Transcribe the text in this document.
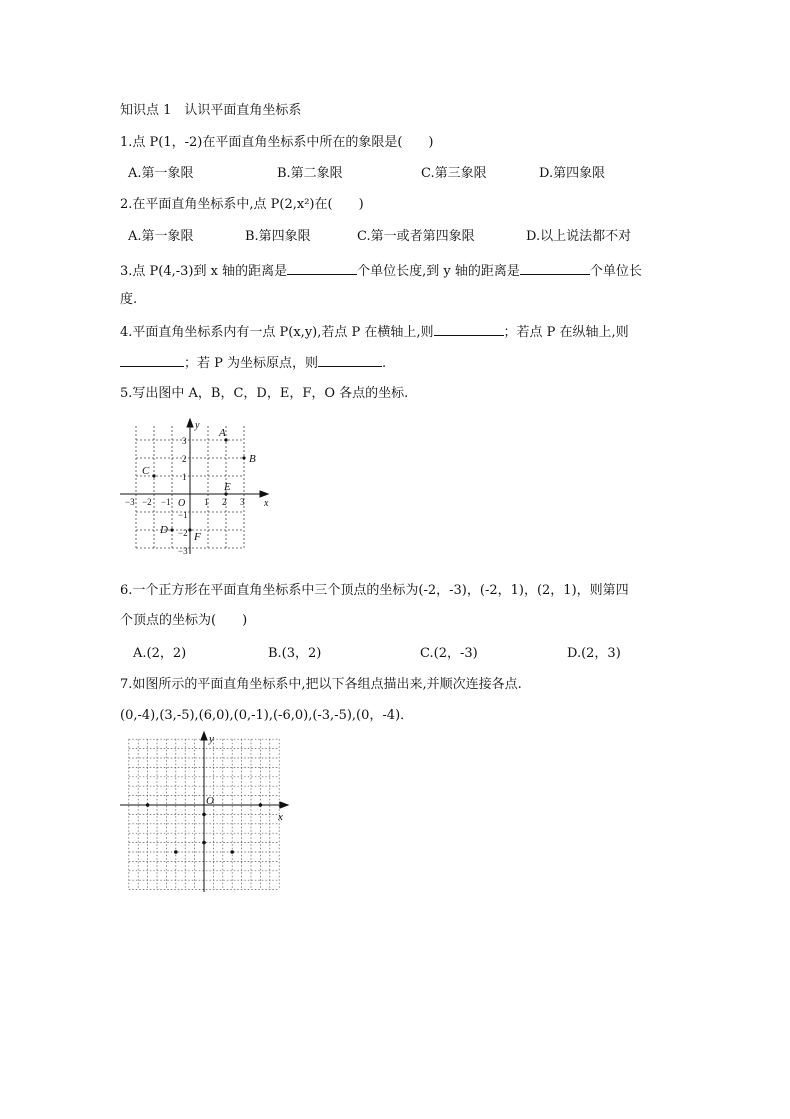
知识点 1　认识平面直角坐标系
1.点 P(1，-2)在平面直角坐标系中所在的象限是(　　)
A.第一象限	B.第二象限	C.第三象限	D.第四象限
2.在平面直角坐标系中,点 P(2,x²)在(　　)
A.第一象限	B.第四象限	C.第一或者第四象限	D.以上说法都不对
3.点 P(4,-3)到 x 轴的距离是	个单位长度,到 y 轴的距离是	个单位长
度.
4.平面直角坐标系内有一点 P(x,y),若点 P 在横轴上,则	；若点 P 在纵轴上,则
；若 P 为坐标原点，则	.
5.写出图中 A，B，C，D，E，F，O 各点的坐标.
x
y
O
−3 −2 −1	1 2 3
3
2
1
−1
−2
−3
A
B
C
D
E
F
6.一个正方形在平面直角坐标系中三个顶点的坐标为(-2，-3)，(-2，1)，(2，1)，则第四
个顶点的坐标为(　　)
A.(2，2)	B.(3，2)	C.(2，-3)	D.(2，3)
7.如图所示的平面直角坐标系中,把以下各组点描出来,并顺次连接各点.
(0,-4),(3,-5),(6,0),(0,-1),(-6,0),(-3,-5),(0，-4)．
x
y
O
